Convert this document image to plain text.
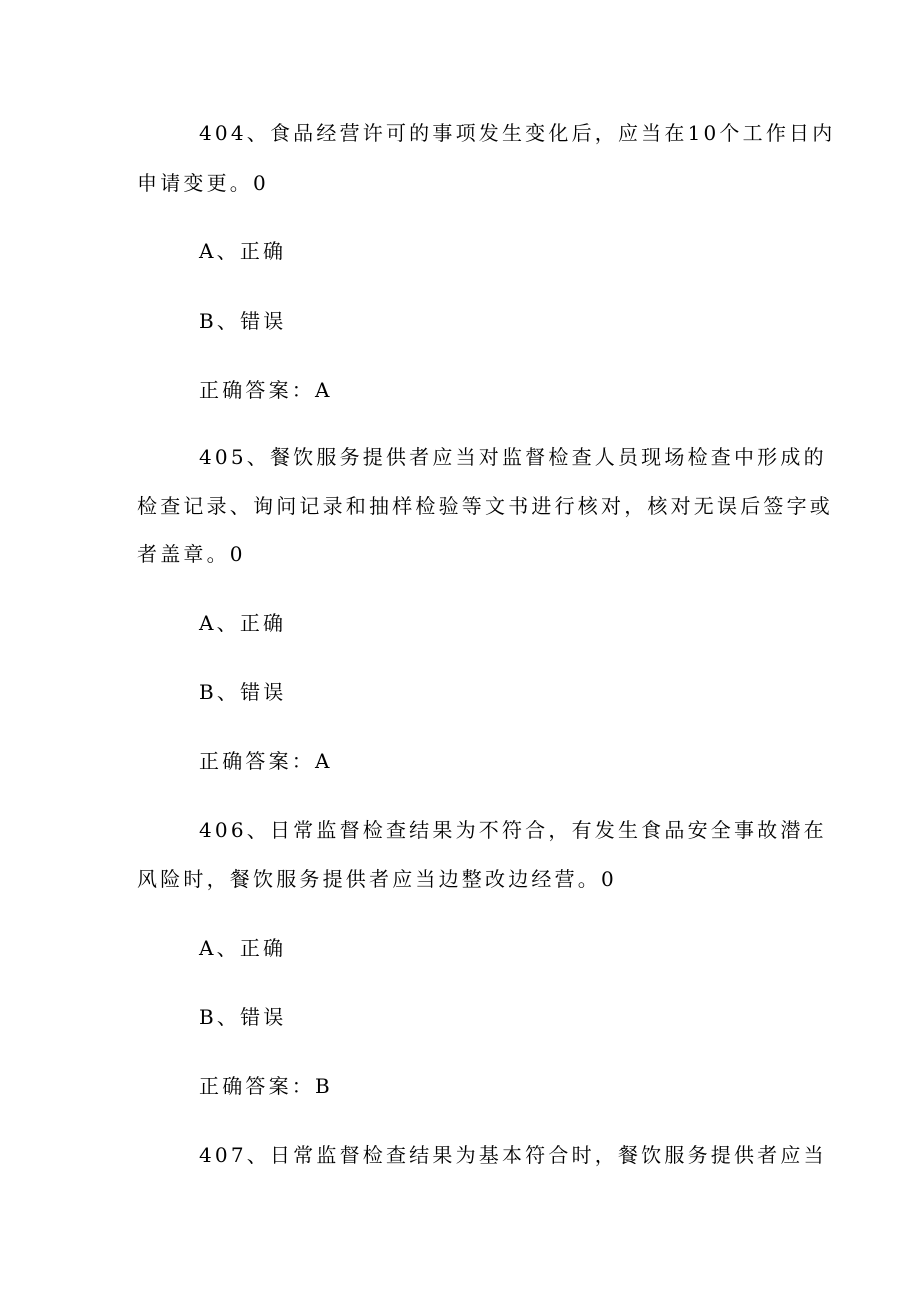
404、食品经营许可的事项发生变化后，应当在10个工作日内

申请变更。0

A、正确

B、错误

正确答案：A

405、餐饮服务提供者应当对监督检查人员现场检查中形成的

检查记录、询问记录和抽样检验等文书进行核对，核对无误后签字或

者盖章。0

A、正确

B、错误

正确答案：A

406、日常监督检查结果为不符合，有发生食品安全事故潜在

风险时，餐饮服务提供者应当边整改边经营。0

A、正确

B、错误

正确答案：B

407、日常监督检查结果为基本符合时，餐饮服务提供者应当
